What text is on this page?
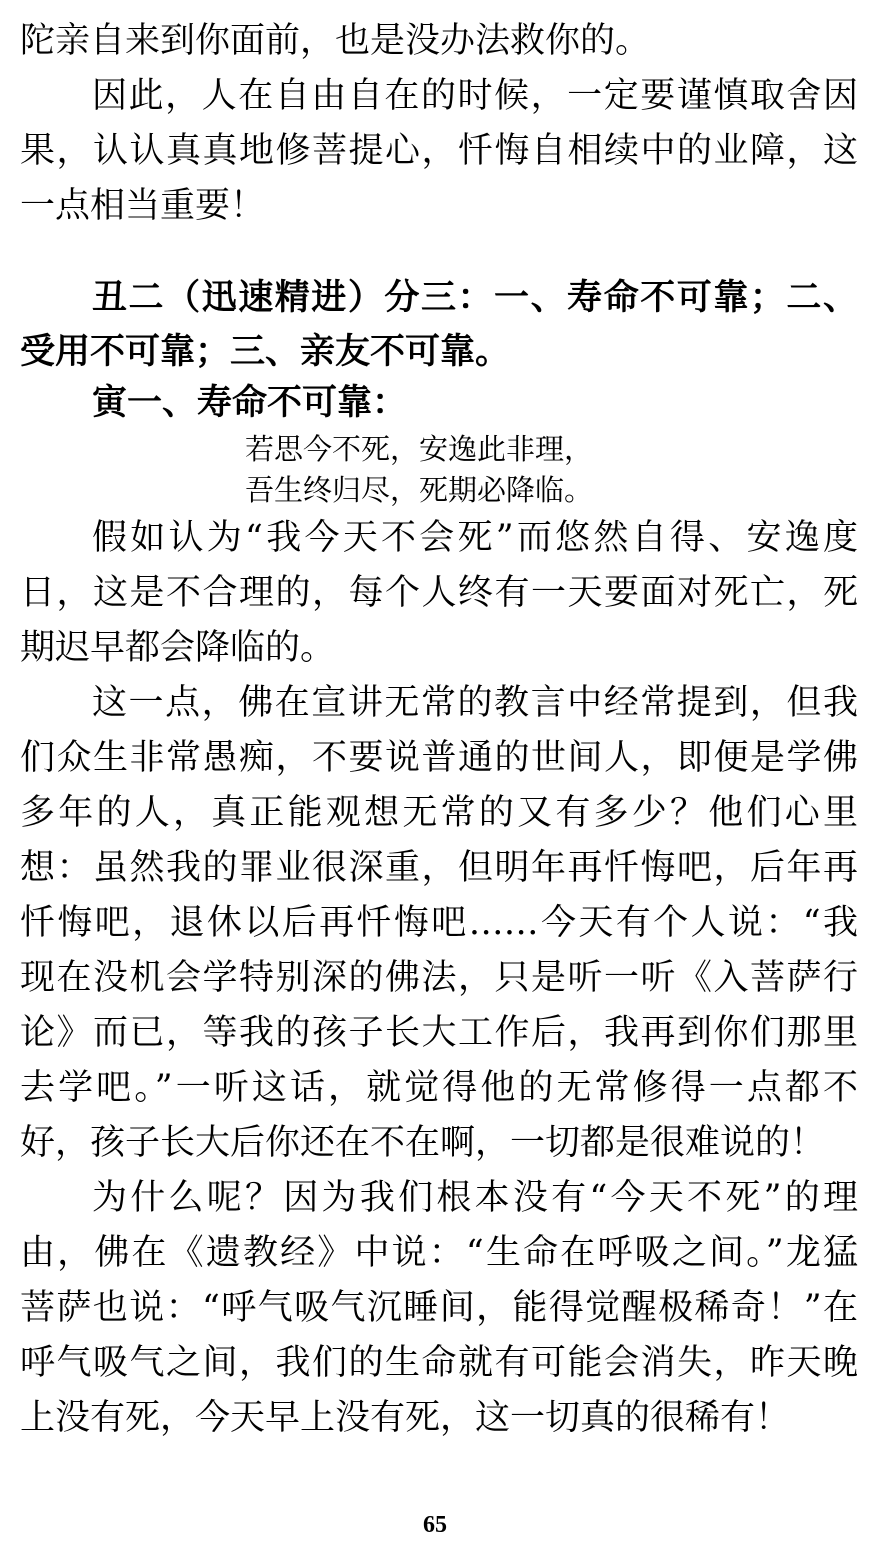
陀亲自来到你面前，也是没办法救你的。
因此，人在自由自在的时候，一定要谨慎取舍因
果，认认真真地修菩提心，忏悔自相续中的业障，这
一点相当重要！
丑二（迅速精进）分三：一、寿命不可靠；二、
受用不可靠；三、亲友不可靠。
寅一、寿命不可靠：
若思今不死，安逸此非理，
吾生终归尽，死期必降临。
假如认为“我今天不会死”而悠然自得、安逸度
日，这是不合理的，每个人终有一天要面对死亡，死
期迟早都会降临的。
这一点，佛在宣讲无常的教言中经常提到，但我
们众生非常愚痴，不要说普通的世间人，即便是学佛
多年的人，真正能观想无常的又有多少？他们心里
想：虽然我的罪业很深重，但明年再忏悔吧，后年再
忏悔吧，退休以后再忏悔吧……今天有个人说：“我
现在没机会学特别深的佛法，只是听一听《入菩萨行
论》而已，等我的孩子长大工作后，我再到你们那里
去学吧。”一听这话，就觉得他的无常修得一点都不
好，孩子长大后你还在不在啊，一切都是很难说的！
为什么呢？因为我们根本没有“今天不死”的理
由，佛在《遗教经》中说：“生命在呼吸之间。”龙猛
菩萨也说：“呼气吸气沉睡间，能得觉醒极稀奇！”在
呼气吸气之间，我们的生命就有可能会消失，昨天晚
上没有死，今天早上没有死，这一切真的很稀有！
65
